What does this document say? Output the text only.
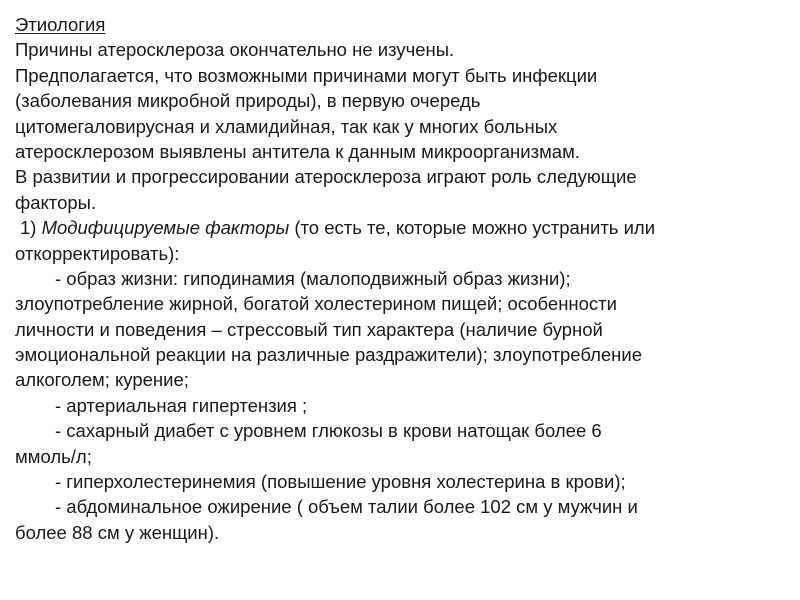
Этиология
Причины атеросклероза окончательно не изучены.
Предполагается, что возможными причинами могут быть инфекции
(заболевания микробной природы), в первую очередь
цитомегаловирусная и хламидийная, так как у многих больных
атеросклерозом выявлены антитела к данным микроорганизмам.
В развитии и прогрессировании атеросклероза играют роль следующие
факторы.
1) Модифицируемые факторы (то есть те, которые можно устранить или
откорректировать):
- образ жизни: гиподинамия (малоподвижный образ жизни);
злоупотребление жирной, богатой холестерином пищей; особенности
личности и поведения – стрессовый тип характера (наличие бурной
эмоциональной реакции на различные раздражители); злоупотребление
алкоголем; курение;
- артериальная гипертензия ;
- сахарный диабет с уровнем глюкозы в крови натощак более 6
ммоль/л;
- гиперхолестеринемия (повышение уровня холестерина в крови);
- абдоминальное ожирение ( объем талии более 102 см у мужчин и
более 88 см у женщин).
